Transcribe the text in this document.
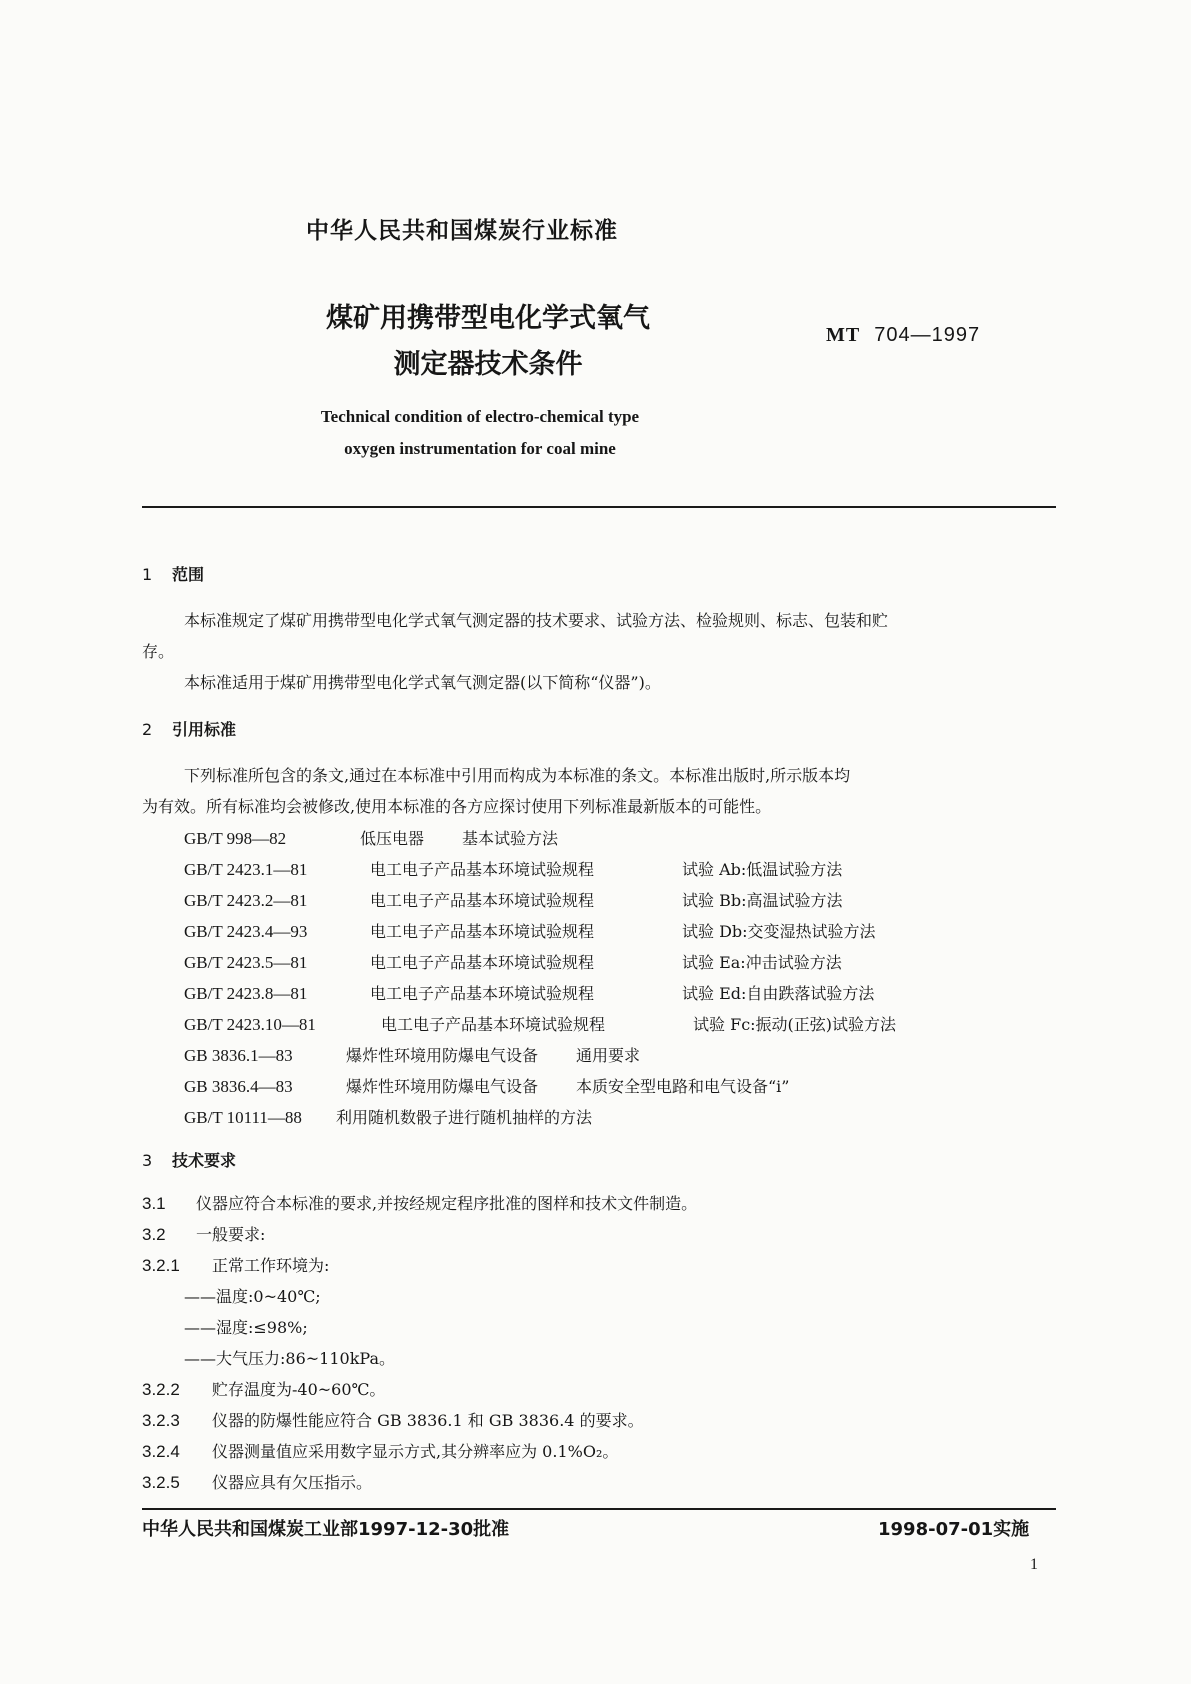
中华人民共和国煤炭行业标准
煤矿用携带型电化学式氧气
测定器技术条件
MT 704—1997
Technical condition of electro-chemical type
oxygen instrumentation for coal mine
1 范围
本标准规定了煤矿用携带型电化学式氧气测定器的技术要求、试验方法、检验规则、标志、包装和贮
存。
本标准适用于煤矿用携带型电化学式氧气测定器(以下简称“仪器”)。
2 引用标准
下列标准所包含的条文,通过在本标准中引用而构成为本标准的条文。本标准出版时,所示版本均
为有效。所有标准均会被修改,使用本标准的各方应探讨使用下列标准最新版本的可能性。
GB/T 998—82	低压电器 基本试验方法
GB/T 2423.1—81	电工电子产品基本环境试验规程	试验 Ab:低温试验方法
GB/T 2423.2—81	电工电子产品基本环境试验规程	试验 Bb:高温试验方法
GB/T 2423.4—93	电工电子产品基本环境试验规程	试验 Db:交变湿热试验方法
GB/T 2423.5—81	电工电子产品基本环境试验规程	试验 Ea:冲击试验方法
GB/T 2423.8—81	电工电子产品基本环境试验规程	试验 Ed:自由跌落试验方法
GB/T 2423.10—81	电工电子产品基本环境试验规程	试验 Fc:振动(正弦)试验方法
GB 3836.1—83	爆炸性环境用防爆电气设备 通用要求
GB 3836.4—83	爆炸性环境用防爆电气设备 本质安全型电路和电气设备“i”
GB/T 10111—88 利用随机数骰子进行随机抽样的方法
3 技术要求
3.1 仪器应符合本标准的要求,并按经规定程序批准的图样和技术文件制造。
3.2 一般要求:
3.2.1 正常工作环境为:
——温度:0~40℃;
——湿度:≤98%;
——大气压力:86~110kPa。
3.2.2 贮存温度为-40~60℃。
3.2.3 仪器的防爆性能应符合 GB 3836.1 和 GB 3836.4 的要求。
3.2.4 仪器测量值应采用数字显示方式,其分辨率应为 0.1%O₂。
3.2.5 仪器应具有欠压指示。
中华人民共和国煤炭工业部1997-12-30批准	1998-07-01实施
1
